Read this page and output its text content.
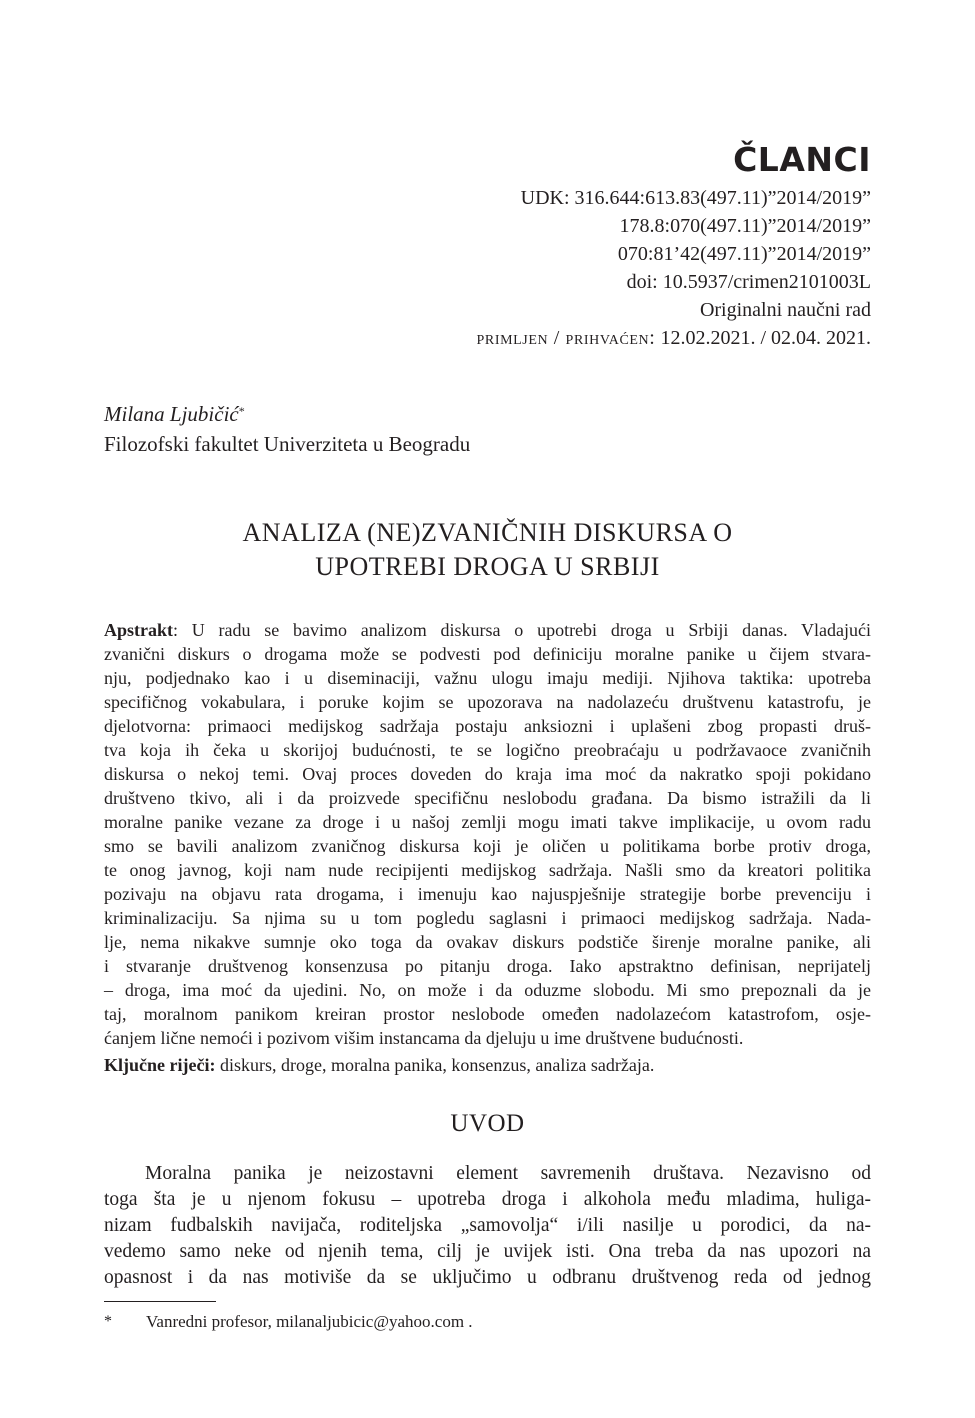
ČLANCI
UDK: 316.644:613.83(497.11)”2014/2019”
178.8:070(497.11)”2014/2019”
070:81’42(497.11)”2014/2019”
doi: 10.5937/crimen2101003L
Originalni naučni rad
primljen / prihvaćen: 12.02.2021. / 02.04. 2021.
Milana Ljubičić*
Filozofski fakultet Univerziteta u Beogradu
ANALIZA (NE)ZVANIČNIH DISKURSA O
UPOTREBI DROGA U SRBIJI
Apstrakt: U radu se bavimo analizom diskursa o upotrebi droga u Srbiji danas. Vladajući
zvanični diskurs o drogama može se podvesti pod definiciju moralne panike u čijem stvara-
nju, podjednako kao i u diseminaciji, važnu ulogu imaju mediji. Njihova taktika: upotreba
specifičnog vokabulara, i poruke kojim se upozorava na nadolazeću društvenu katastrofu, je
djelotvorna: primaoci medijskog sadržaja postaju anksiozni i uplašeni zbog propasti druš-
tva koja ih čeka u skorijoj budućnosti, te se logično preobraćaju u podržavaoce zvaničnih
diskursa o nekoj temi. Ovaj proces doveden do kraja ima moć da nakratko spoji pokidano
društveno tkivo, ali i da proizvede specifičnu neslobodu građana. Da bismo istražili da li
moralne panike vezane za droge i u našoj zemlji mogu imati takve implikacije, u ovom radu
smo se bavili analizom zvaničnog diskursa koji je oličen u politikama borbe protiv droga,
te onog javnog, koji nam nude recipijenti medijskog sadržaja. Našli smo da kreatori politika
pozivaju na objavu rata drogama, i imenuju kao najuspješnije strategije borbe prevenciju i
kriminalizaciju. Sa njima su u tom pogledu saglasni i primaoci medijskog sadržaja. Nada-
lje, nema nikakve sumnje oko toga da ovakav diskurs podstiče širenje moralne panike, ali
i stvaranje društvenog konsenzusa po pitanju droga. Iako apstraktno definisan, neprijatelj
– droga, ima moć da ujedini. No, on može i da oduzme slobodu. Mi smo prepoznali da je
taj, moralnom panikom kreiran prostor neslobode omeđen nadolazećom katastrofom, osje-
ćanjem lične nemoći i pozivom višim instancama da djeluju u ime društvene budućnosti.
Ključne riječi: diskurs, droge, moralna panika, konsenzus, analiza sadržaja.
UVOD
Moralna panika je neizostavni element savremenih društava. Nezavisno od
toga šta je u njenom fokusu – upotreba droga i alkohola među mladima, huliga-
nizam fudbalskih navijača, roditeljska „samovolja“ i/ili nasilje u porodici, da na-
vedemo samo neke od njenih tema, cilj je uvijek isti. Ona treba da nas upozori na
opasnost i da nas motiviše da se uključimo u odbranu društvenog reda od jednog
* Vanredni profesor, milanaljubicic@yahoo.com .
